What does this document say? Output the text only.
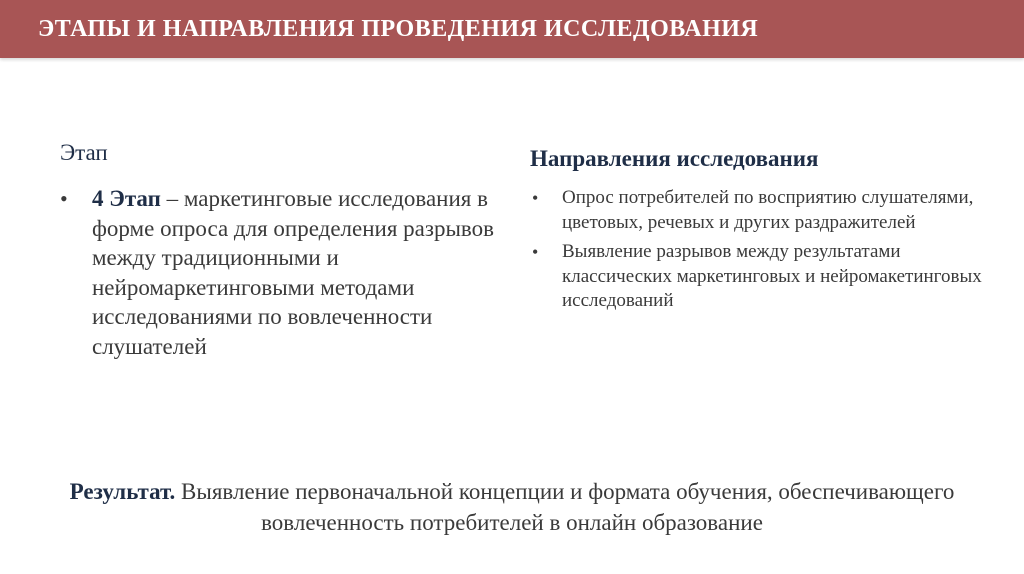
ЭТАПЫ И НАПРАВЛЕНИЯ ПРОВЕДЕНИЯ ИССЛЕДОВАНИЯ
Этап
• 4 Этап – маркетинговые исследования в форме опроса для определения разрывов между традиционными и нейромаркетинговыми методами исследованиями по вовлеченности слушателей
Направления исследования
• Опрос потребителей по восприятию слушателями, цветовых, речевых и других раздражителей
• Выявление разрывов между результатами классических маркетинговых и нейромакетинговых исследований
Результат. Выявление первоначальной концепции и формата обучения, обеспечивающего вовлеченность потребителей в онлайн образование
